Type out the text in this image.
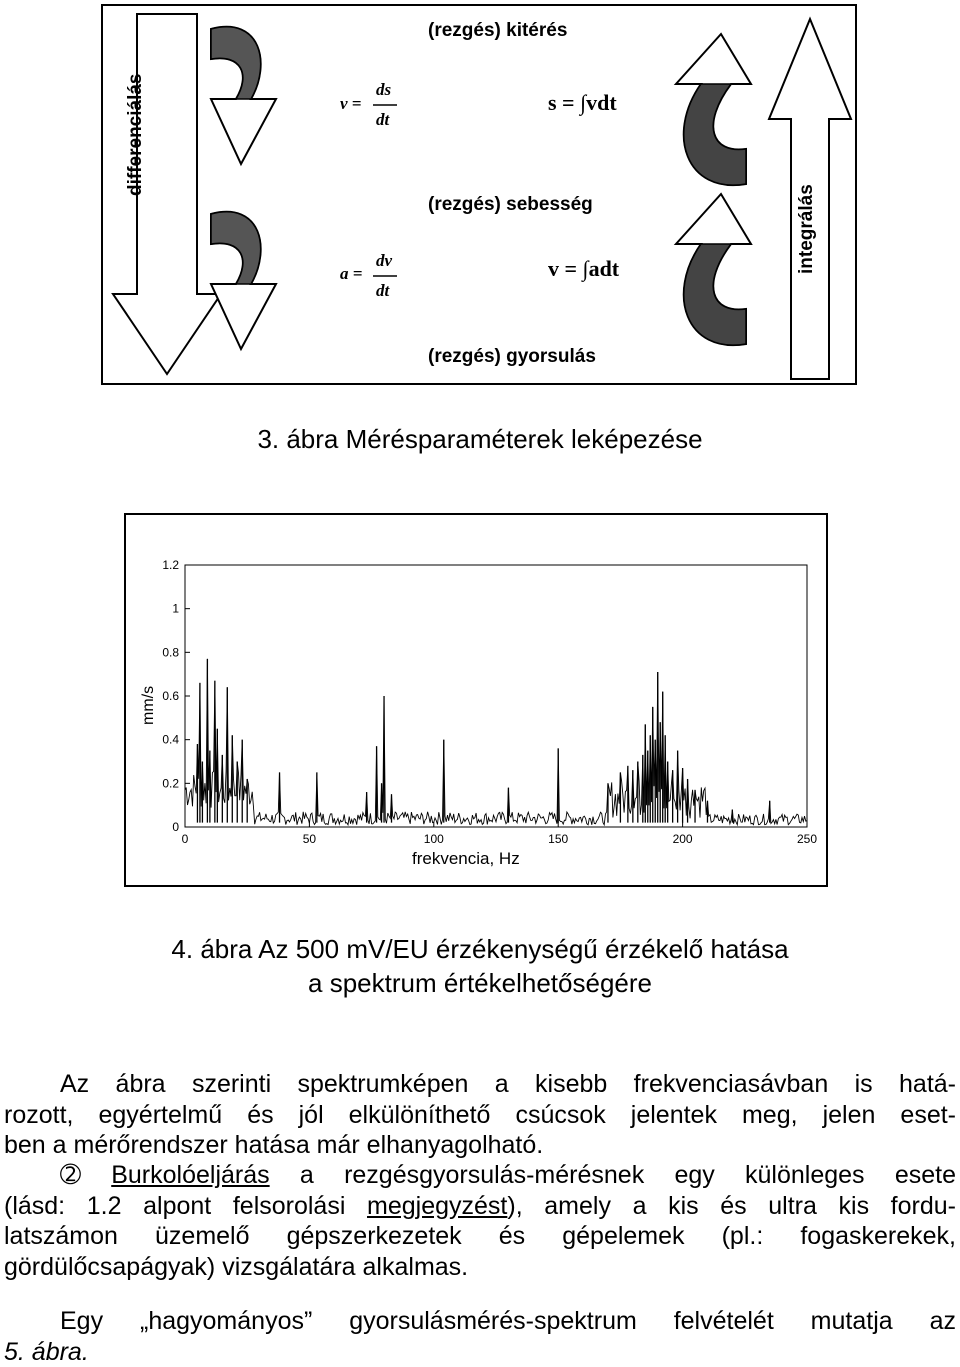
(rezgés) kitérés
(rezgés) sebesség
(rezgés) gyorsulás
differenciálás
integrálás
v =
ds
dt
a =
dv
dt
s = ∫vdt
v = ∫adt
3. ábra Mérésparaméterek leképezése
0	50	100	150	200	250
0
0.2
0.4
0.6
0.8
1
1.2
mm/s
frekvencia, Hz
4. ábra Az 500 mV/EU érzékenységű érzékelő hatása
a spektrum értékelhetőségére
Az ábra szerinti spektrumképen a kisebb frekvenciasávban is hatá-
rozott, egyértelmű és jól elkülöníthető csúcsok jelentek meg, jelen eset-
ben a mérőrendszer hatása már elhanyagolható.
➁ Burkolóeljárás a rezgésgyorsulás-mérésnek egy különleges esete
(lásd: 1.2 alpont felsorolási megjegyzést), amely a kis és ultra kis fordu-
latszámon üzemelő gépszerkezetek és gépelemek (pl.: fogaskerekek,
gördülőcsapágyak) vizsgálatára alkalmas.
Egy „hagyományos” gyorsulásmérés-spektrum felvételét mutatja az
5. ábra.
